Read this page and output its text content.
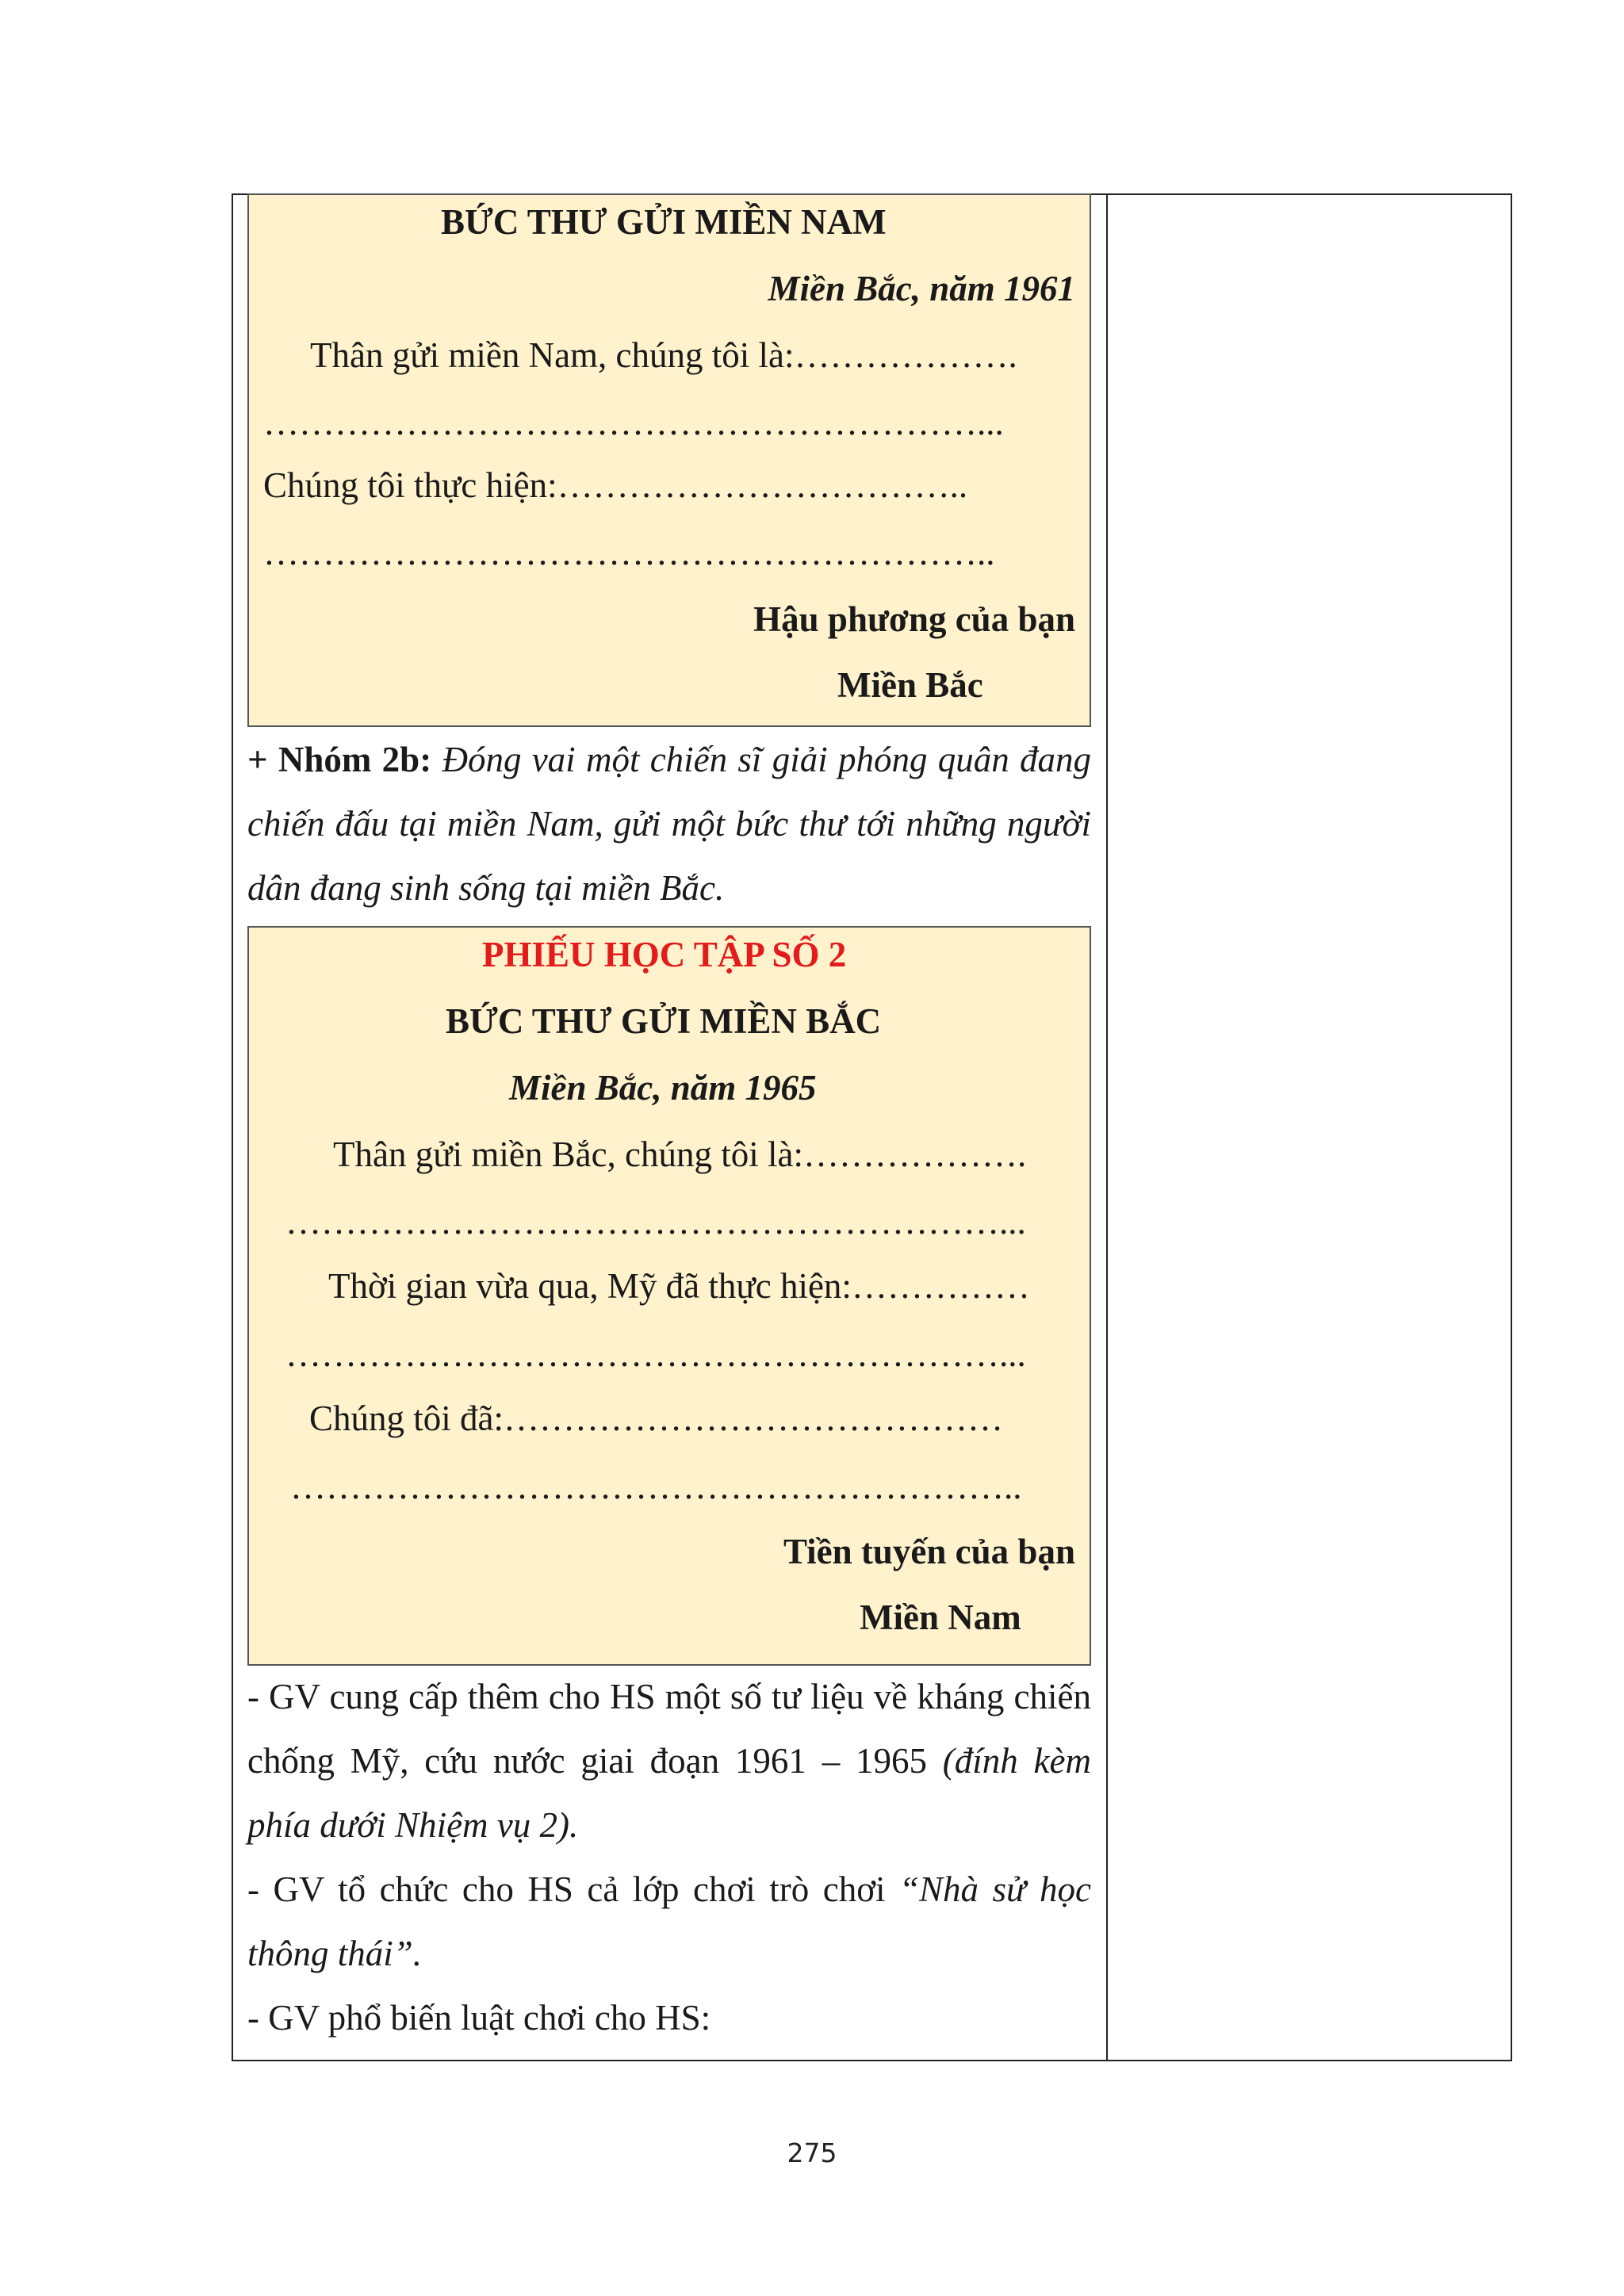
BỨC THƯ GỬI MIỀN NAM
Miền Bắc, năm 1961
Thân gửi miền Nam, chúng tôi là:……………….
……………………………………………………...
Chúng tôi thực hiện:……………………………..
……………………………………………………..
Hậu phương của bạn
Miền Bắc
+ Nhóm 2b: Đóng vai một chiến sĩ giải phóng quân đang chiến đấu tại miền Nam, gửi một bức thư tới những người dân đang sinh sống tại miền Bắc.
PHIẾU HỌC TẬP SỐ 2
BỨC THƯ GỬI MIỀN BẮC
Miền Bắc, năm 1965
Thân gửi miền Bắc, chúng tôi là:……………….
……………………………………………………...
Thời gian vừa qua, Mỹ đã thực hiện:……………
……………………………………………………...
Chúng tôi đã:……………………………………
……………………………………………………..
Tiền tuyến của bạn
Miền Nam
- GV cung cấp thêm cho HS một số tư liệu về kháng chiến chống Mỹ, cứu nước giai đoạn 1961 – 1965 (đính kèm phía dưới Nhiệm vụ 2).
- GV tổ chức cho HS cả lớp chơi trò chơi “Nhà sử học thông thái”.
- GV phổ biến luật chơi cho HS:
275
